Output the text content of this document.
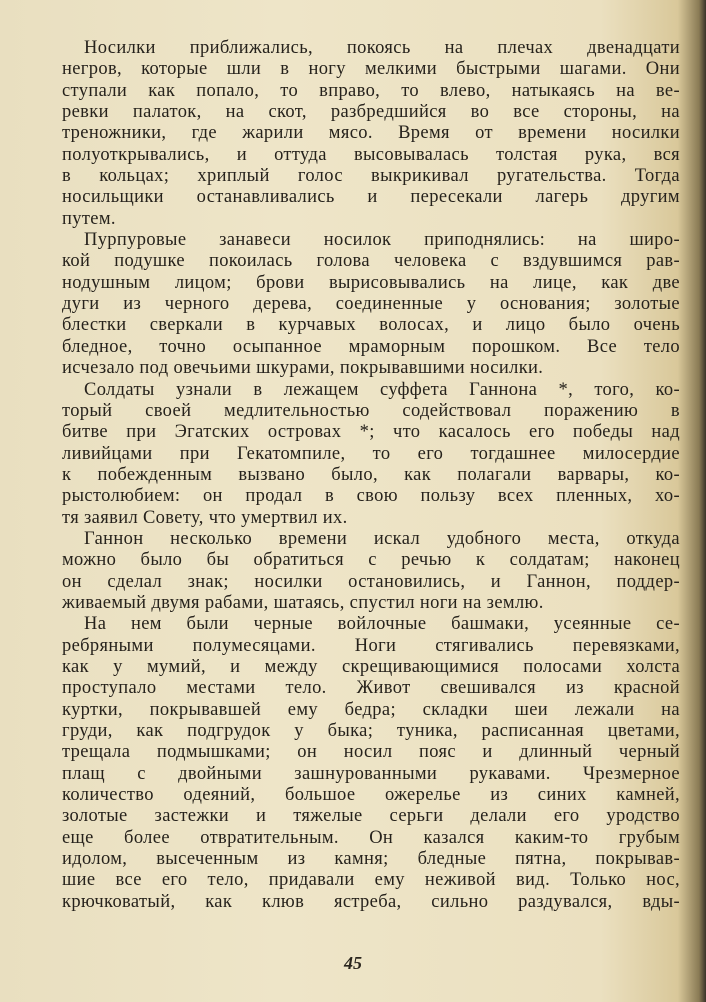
Носилки приближались, покоясь на плечах двенадцати
негров, которые шли в ногу мелкими быстрыми шагами. Они
ступали как попало, то вправо, то влево, натыкаясь на ве-
ревки палаток, на скот, разбредшийся во все стороны, на
треножники, где жарили мясо. Время от времени носилки
полуоткрывались, и оттуда высовывалась толстая рука, вся
в кольцах; хриплый голос выкрикивал ругательства. Тогда
носильщики останавливались и пересекали лагерь другим
путем.
Пурпуровые занавеси носилок приподнялись: на широ-
кой подушке покоилась голова человека с вздувшимся рав-
нодушным лицом; брови вырисовывались на лице, как две
дуги из черного дерева, соединенные у основания; золотые
блестки сверкали в курчавых волосах, и лицо было очень
бледное, точно осыпанное мраморным порошком. Все тело
исчезало под овечьими шкурами, покрывавшими носилки.
Солдаты узнали в лежащем суффета Ганнона *, того, ко-
торый своей медлительностью содействовал поражению в
битве при Эгатских островах *; что касалось его победы над
ливийцами при Гекатомпиле, то его тогдашнее милосердие
к побежденным вызвано было, как полагали варвары, ко-
рыстолюбием: он продал в свою пользу всех пленных, хо-
тя заявил Совету, что умертвил их.
Ганнон несколько времени искал удобного места, откуда
можно было бы обратиться с речью к солдатам; наконец
он сделал знак; носилки остановились, и Ганнон, поддер-
живаемый двумя рабами, шатаясь, спустил ноги на землю.
На нем были черные войлочные башмаки, усеянные се-
ребряными полумесяцами. Ноги стягивались перевязками,
как у мумий, и между скрещивающимися полосами холста
проступало местами тело. Живот свешивался из красной
куртки, покрывавшей ему бедра; складки шеи лежали на
груди, как подгрудок у быка; туника, расписанная цветами,
трещала подмышками; он носил пояс и длинный черный
плащ с двойными зашнурованными рукавами. Чрезмерное
количество одеяний, большое ожерелье из синих камней,
золотые застежки и тяжелые серьги делали его уродство
еще более отвратительным. Он казался каким-то грубым
идолом, высеченным из камня; бледные пятна, покрывав-
шие все его тело, придавали ему неживой вид. Только нос,
крючковатый, как клюв ястреба, сильно раздувался, вды-
45
